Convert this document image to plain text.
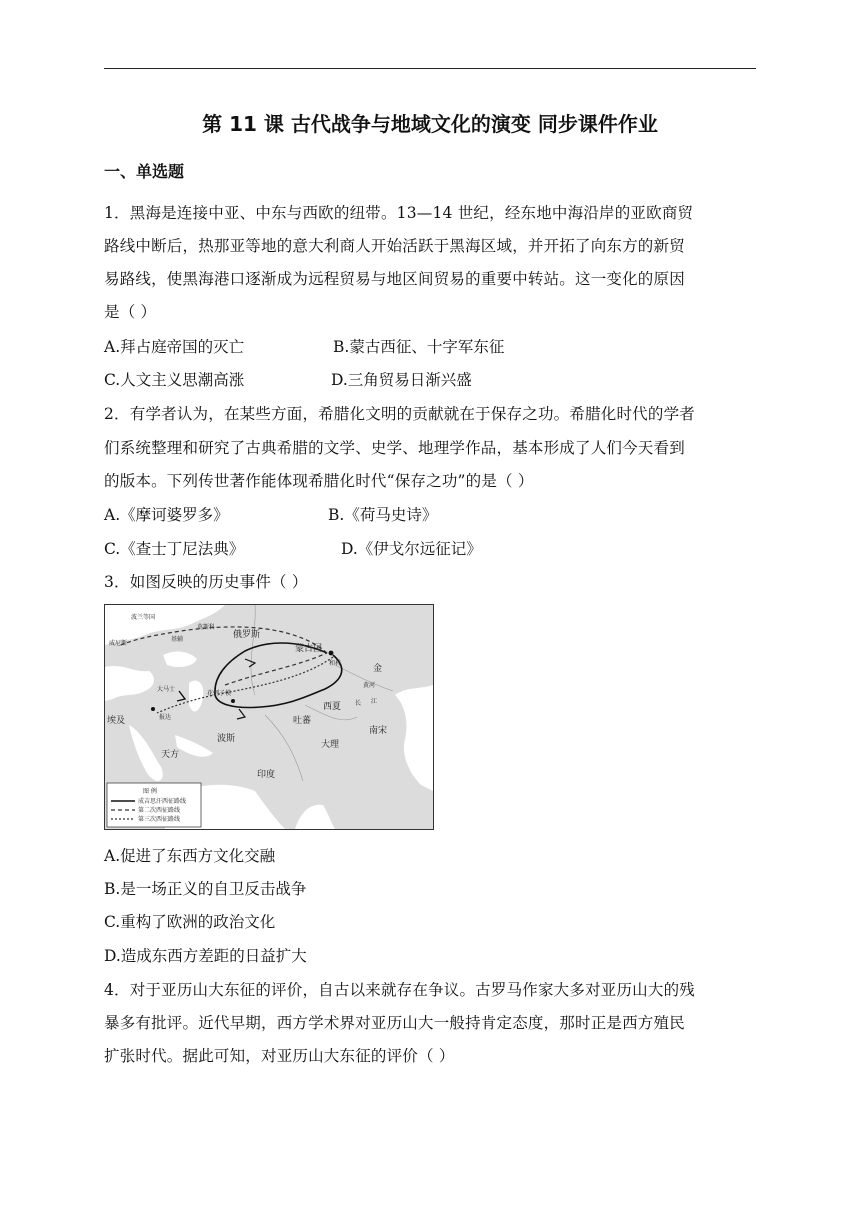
第 11 课 古代战争与地域文化的演变 同步课件作业
一、单选题
1．黑海是连接中亚、中东与西欧的纽带。13—14 世纪，经东地中海沿岸的亚欧商贸
路线中断后，热那亚等地的意大利商人开始活跃于黑海区域，并开拓了向东方的新贸
易路线，使黑海港口逐渐成为远程贸易与地区间贸易的重要中转站。这一变化的原因
是（ ）
A.拜占庭帝国的灭亡	B.蒙古西征、十字军东征
C.人文主义思潮高涨	D.三角贸易日渐兴盛
2．有学者认为，在某些方面，希腊化文明的贡献就在于保存之功。希腊化时代的学者
们系统整理和研究了古典希腊的文学、史学、地理学作品，基本形成了人们今天看到
的版本。下列传世著作能体现希腊化时代“保存之功”的是（ ）
A.《摩诃婆罗多》	B.《荷马史诗》
C.《查士丁尼法典》	D.《伊戈尔远征记》
3．如图反映的历史事件（ ）
波兰等国
莫斯科
基辅
威尼斯
俄罗斯
蒙古国
和林
金
大马士
花剌子模
报达
埃及
黄河
西夏 长 江
吐蕃
南宋
波斯
大理
天方
印度
图 例
成吉思汗西征路线
第二次西征路线
第三次西征路线
A.促进了东西方文化交融
B.是一场正义的自卫反击战争
C.重构了欧洲的政治文化
D.造成东西方差距的日益扩大
4．对于亚历山大东征的评价，自古以来就存在争议。古罗马作家大多对亚历山大的残
暴多有批评。近代早期，西方学术界对亚历山大一般持肯定态度，那时正是西方殖民
扩张时代。据此可知，对亚历山大东征的评价（ ）
